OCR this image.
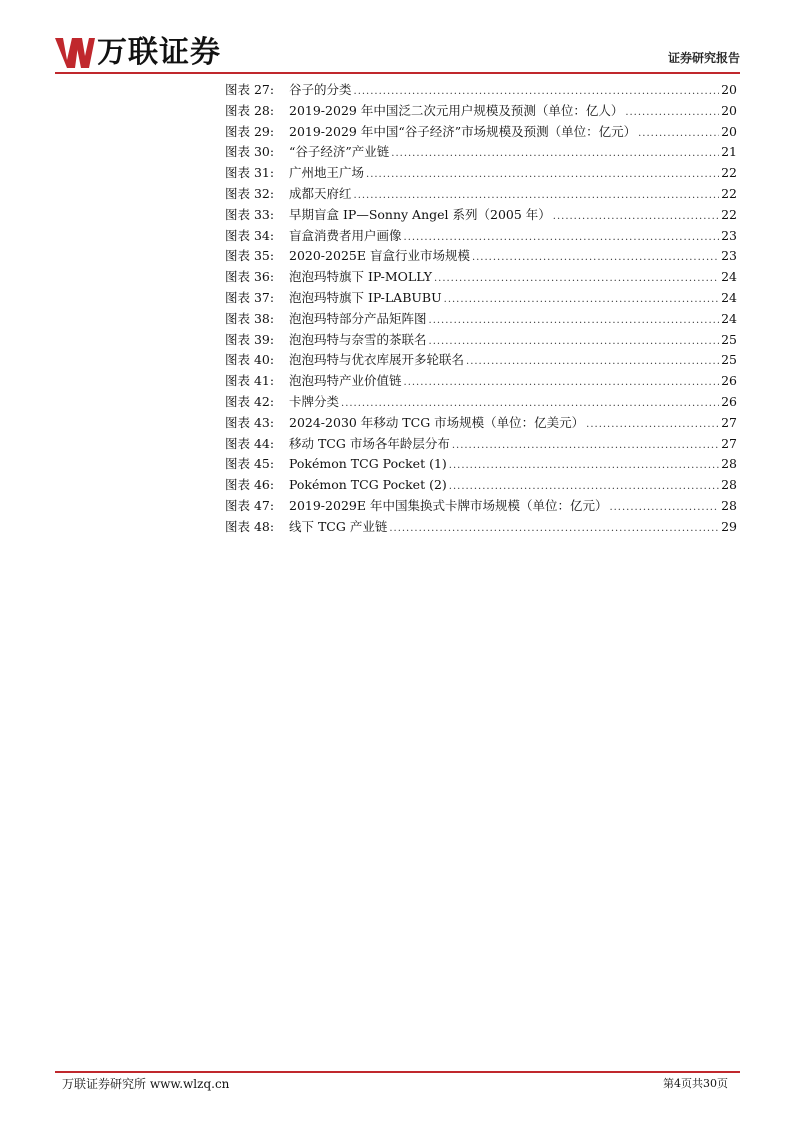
万联证券	证券研究报告
图表 27:	谷子的分类 .....	20
图表 28:	2019-2029 年中国泛二次元用户规模及预测（单位：亿人） .....	20
图表 29:	2019-2029 年中国“谷子经济”市场规模及预测（单位：亿元） .....	20
图表 30:	“谷子经济”产业链 .....	21
图表 31:	广州地王广场 .....	22
图表 32:	成都天府红 .....	22
图表 33:	早期盲盒 IP—Sonny Angel 系列（2005 年） .....	22
图表 34:	盲盒消费者用户画像 .....	23
图表 35:	2020-2025E 盲盒行业市场规模 .....	23
图表 36:	泡泡玛特旗下 IP-MOLLY .....	24
图表 37:	泡泡玛特旗下 IP-LABUBU .....	24
图表 38:	泡泡玛特部分产品矩阵图 .....	24
图表 39:	泡泡玛特与奈雪的茶联名 .....	25
图表 40:	泡泡玛特与优衣库展开多轮联名 .....	25
图表 41:	泡泡玛特产业价值链 .....	26
图表 42:	卡牌分类 .....	26
图表 43:	2024-2030 年移动 TCG 市场规模（单位：亿美元） .....	27
图表 44:	移动 TCG 市场各年龄层分布 .....	27
图表 45:	Pokémon TCG Pocket (1) .....	28
图表 46:	Pokémon TCG Pocket (2) .....	28
图表 47:	2019-2029E 年中国集换式卡牌市场规模（单位：亿元） .....	28
图表 48:	线下 TCG 产业链 .....	29
万联证券研究所 www.wlzq.cn	第4页共30页
